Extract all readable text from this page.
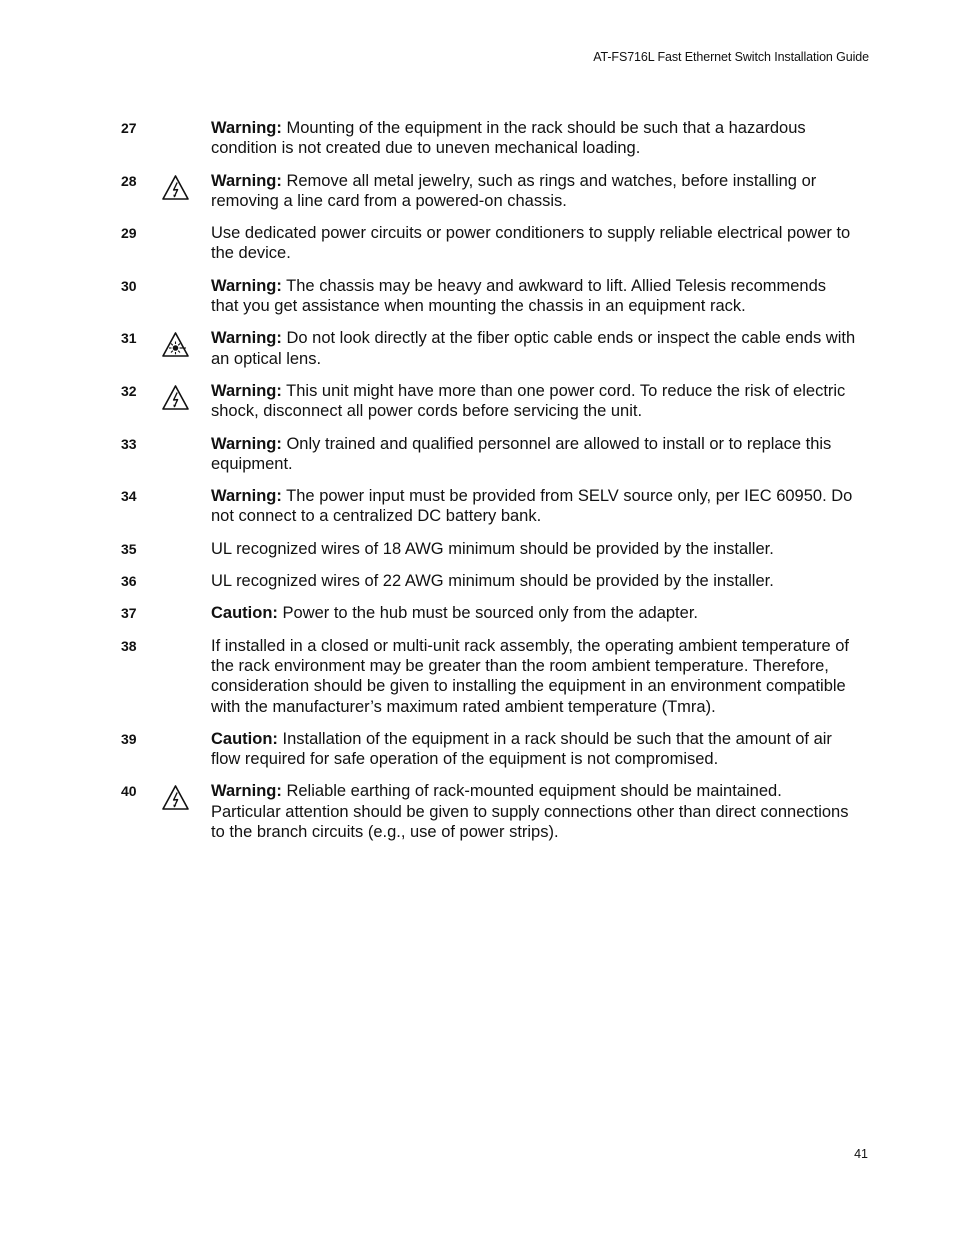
AT-FS716L Fast Ethernet Switch Installation Guide
27	Warning: Mounting of the equipment in the rack should be such that a hazardous condition is not created due to uneven mechanical loading.
28	Warning: Remove all metal jewelry, such as rings and watches, before installing or removing a line card from a powered-on chassis.
29	Use dedicated power circuits or power conditioners to supply reliable electrical power to the device.
30	Warning: The chassis may be heavy and awkward to lift. Allied Telesis recommends that you get assistance when mounting the chassis in an equipment rack.
31	Warning: Do not look directly at the fiber optic cable ends or inspect the cable ends with an optical lens.
32	Warning: This unit might have more than one power cord. To reduce the risk of electric shock, disconnect all power cords before servicing the unit.
33	Warning: Only trained and qualified personnel are allowed to install or to replace this equipment.
34	Warning: The power input must be provided from SELV source only, per IEC 60950. Do not connect to a centralized DC battery bank.
35	UL recognized wires of 18 AWG minimum should be provided by the installer.
36	UL recognized wires of 22 AWG minimum should be provided by the installer.
37	Caution: Power to the hub must be sourced only from the adapter.
38	If installed in a closed or multi-unit rack assembly, the operating ambient temperature of the rack environment may be greater than the room ambient temperature. Therefore, consideration should be given to installing the equipment in an environment compatible with the manufacturer’s maximum rated ambient temperature (Tmra).
39	Caution: Installation of the equipment in a rack should be such that the amount of air flow required for safe operation of the equipment is not compromised.
40	Warning: Reliable earthing of rack-mounted equipment should be maintained. Particular attention should be given to supply connections other than direct connections to the branch circuits (e.g., use of power strips).
41
